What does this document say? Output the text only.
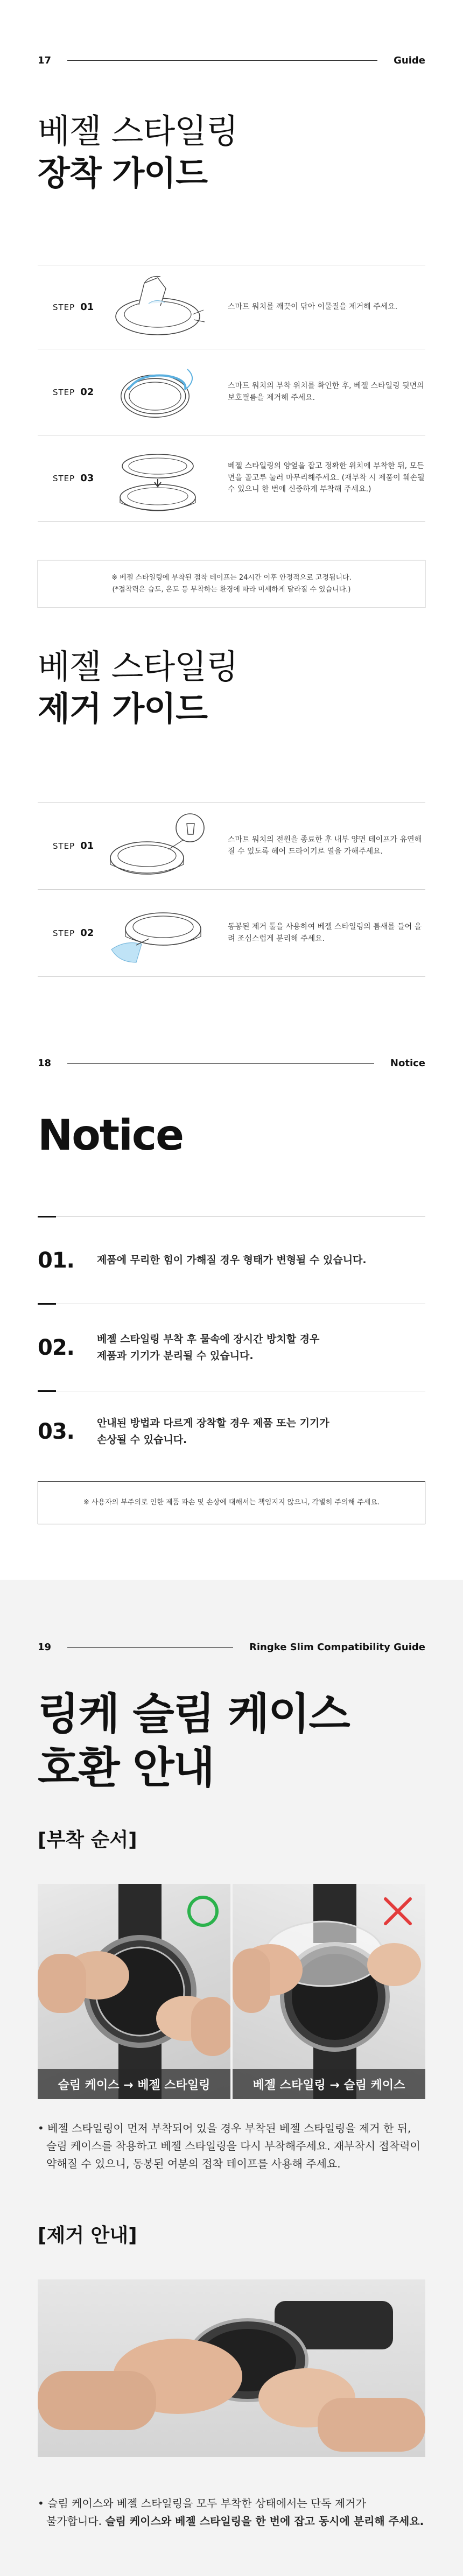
17	Guide
베젤 스타일링
장착 가이드
STEP 01	스마트 워치를 깨끗이 닦아 이물질을 제거해 주세요.
STEP 02
스마트 워치의 부착 위치를 확인한 후, 베젤 스타일링 뒷면의 보호필름을 제거해 주세요.
STEP 03
베젤 스타일링의 양옆을 잡고 정확한 위치에 부착한 뒤, 모든 면을 골고루 눌러 마무리해주세요. (재부착 시 제품이 훼손될 수 있으니 한 번에 신중하게 부착해 주세요.)
※ 베젤 스타일링에 부착된 점착 테이프는 24시간 이후 안정적으로 고정됩니다.
(*접착력은 습도, 온도 등 부착하는 환경에 따라 미세하게 달라질 수 있습니다.)
베젤 스타일링
제거 가이드
STEP 01
스마트 워치의 전원을 종료한 후 내부 양면 테이프가 유연해질 수 있도록 헤어 드라이기로 열을 가해주세요.
STEP 02
동봉된 제거 툴을 사용하여 베젤 스타일링의 틈새를 들어 올려 조심스럽게 분리해 주세요.
18	Notice
Notice
01.	제품에 무리한 힘이 가해질 경우 형태가 변형될 수 있습니다.
02.	베젤 스타일링 부착 후 물속에 장시간 방치할 경우
제품과 기기가 분리될 수 있습니다.
03.	안내된 방법과 다르게 장착할 경우 제품 또는 기기가
손상될 수 있습니다.
※ 사용자의 부주의로 인한 제품 파손 및 손상에 대해서는 책임지지 않으니, 각별히 주의해 주세요.
19	Ringke Slim Compatibility Guide
링케 슬림 케이스
호환 안내
[부착 순서]
슬림 케이스 → 베젤 스타일링	베젤 스타일링 → 슬림 케이스
• 베젤 스타일링이 먼저 부착되어 있을 경우 부착된 베젤 스타일링을 제거 한 뒤,
슬림 케이스를 착용하고 베젤 스타일링을 다시 부착해주세요. 재부착시 접착력이
약해질 수 있으니, 동봉된 여분의 접착 테이프를 사용해 주세요.
[제거 안내]
• 슬림 케이스와 베젤 스타일링을 모두 부착한 상태에서는 단독 제거가
불가합니다. 슬림 케이스와 베젤 스타일링을 한 번에 잡고 동시에 분리해 주세요.
